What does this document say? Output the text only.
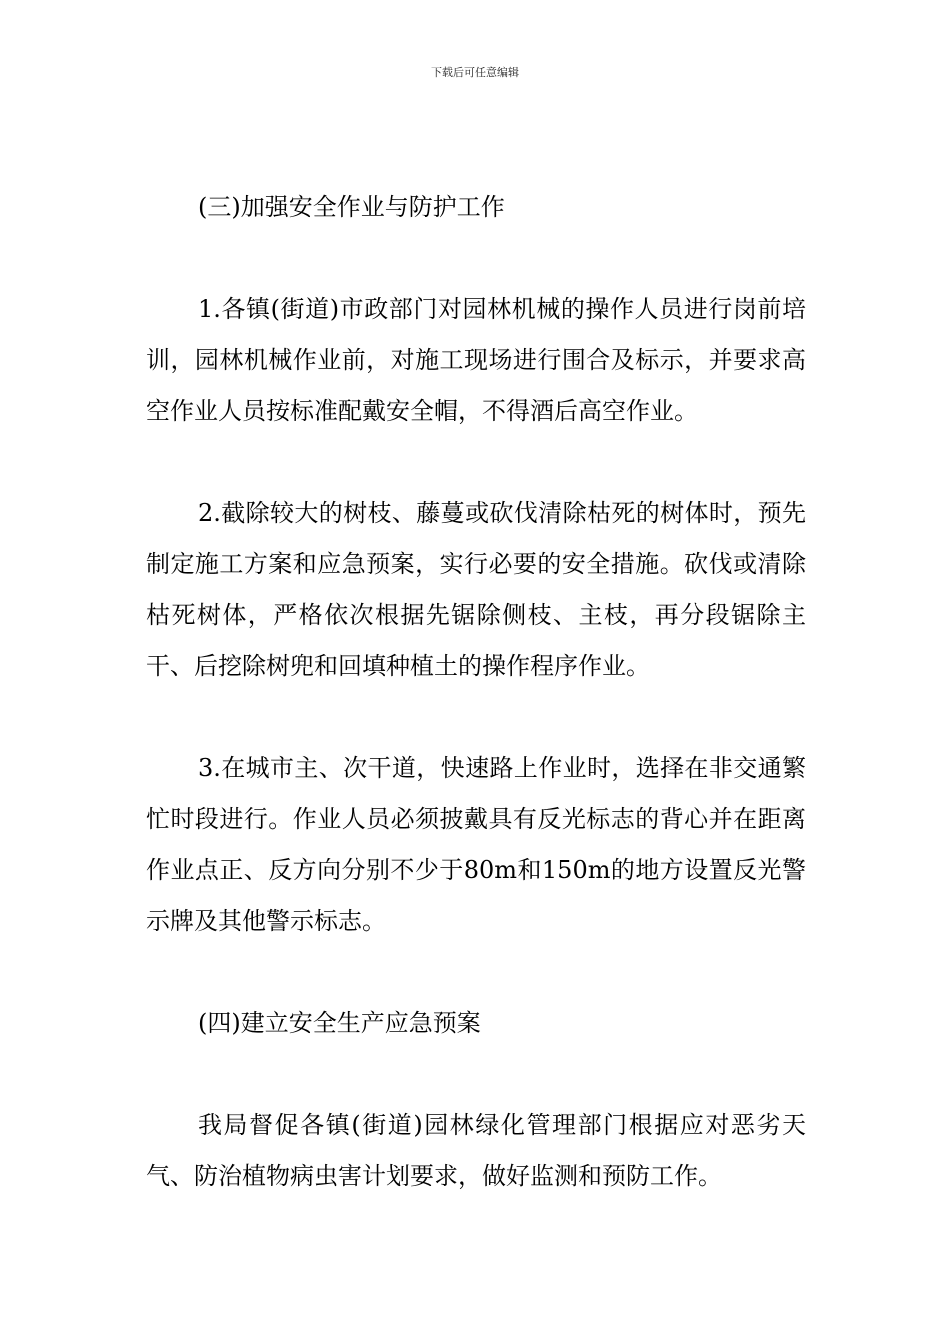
下载后可任意编辑

(三)加强安全作业与防护工作

1.各镇(街道)市政部门对园林机械的操作人员进行岗前培训，园林机械作业前，对施工现场进行围合及标示，并要求高空作业人员按标准配戴安全帽，不得酒后高空作业。

2.截除较大的树枝、藤蔓或砍伐清除枯死的树体时，预先制定施工方案和应急预案，实行必要的安全措施。砍伐或清除枯死树体，严格依次根据先锯除侧枝、主枝，再分段锯除主干、后挖除树兜和回填种植土的操作程序作业。

3.在城市主、次干道，快速路上作业时，选择在非交通繁忙时段进行。作业人员必须披戴具有反光标志的背心并在距离作业点正、反方向分别不少于80m和150m的地方设置反光警示牌及其他警示标志。

(四)建立安全生产应急预案

我局督促各镇(街道)园林绿化管理部门根据应对恶劣天气、防治植物病虫害计划要求，做好监测和预防工作。
